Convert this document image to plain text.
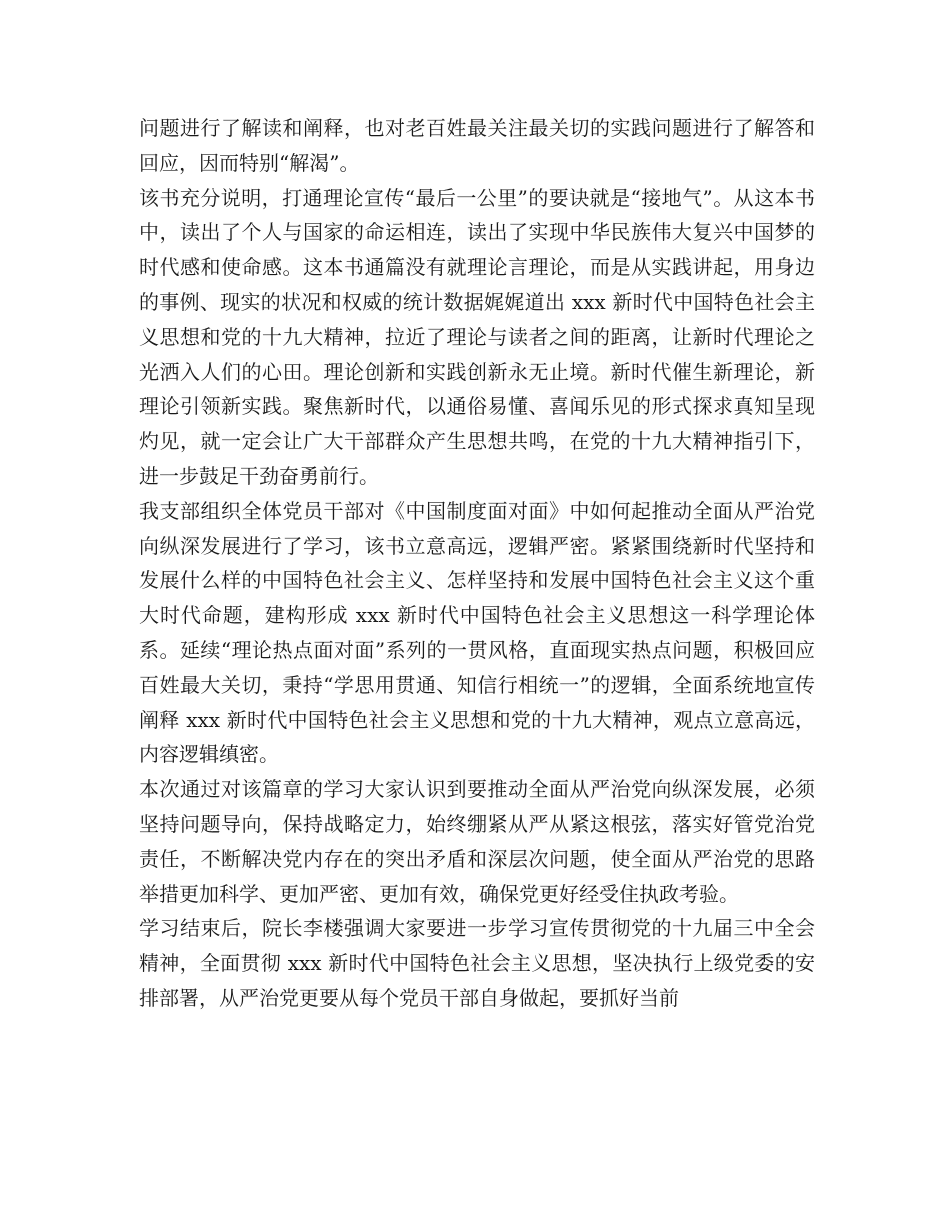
问题进行了解读和阐释，也对老百姓最关注最关切的实践问题进行了解答和回应，因而特别“解渴”。

该书充分说明，打通理论宣传“最后一公里”的要诀就是“接地气”。从这本书中，读出了个人与国家的命运相连，读出了实现中华民族伟大复兴中国梦的时代感和使命感。这本书通篇没有就理论言理论，而是从实践讲起，用身边的事例、现实的状况和权威的统计数据娓娓道出 xxx 新时代中国特色社会主义思想和党的十九大精神，拉近了理论与读者之间的距离，让新时代理论之光洒入人们的心田。理论创新和实践创新永无止境。新时代催生新理论，新理论引领新实践。聚焦新时代，以通俗易懂、喜闻乐见的形式探求真知呈现灼见，就一定会让广大干部群众产生思想共鸣，在党的十九大精神指引下，进一步鼓足干劲奋勇前行。

我支部组织全体党员干部对《中国制度面对面》中如何起推动全面从严治党向纵深发展进行了学习，该书立意高远，逻辑严密。紧紧围绕新时代坚持和发展什么样的中国特色社会主义、怎样坚持和发展中国特色社会主义这个重大时代命题，建构形成 xxx 新时代中国特色社会主义思想这一科学理论体系。延续“理论热点面对面”系列的一贯风格，直面现实热点问题，积极回应百姓最大关切，秉持“学思用贯通、知信行相统一”的逻辑，全面系统地宣传阐释 xxx 新时代中国特色社会主义思想和党的十九大精神，观点立意高远，内容逻辑缜密。

本次通过对该篇章的学习大家认识到要推动全面从严治党向纵深发展，必须坚持问题导向，保持战略定力，始终绷紧从严从紧这根弦，落实好管党治党责任，不断解决党内存在的突出矛盾和深层次问题，使全面从严治党的思路举措更加科学、更加严密、更加有效，确保党更好经受住执政考验。

学习结束后，院长李楼强调大家要进一步学习宣传贯彻党的十九届三中全会精神，全面贯彻 xxx 新时代中国特色社会主义思想，坚决执行上级党委的安排部署，从严治党更要从每个党员干部自身做起，要抓好当前
